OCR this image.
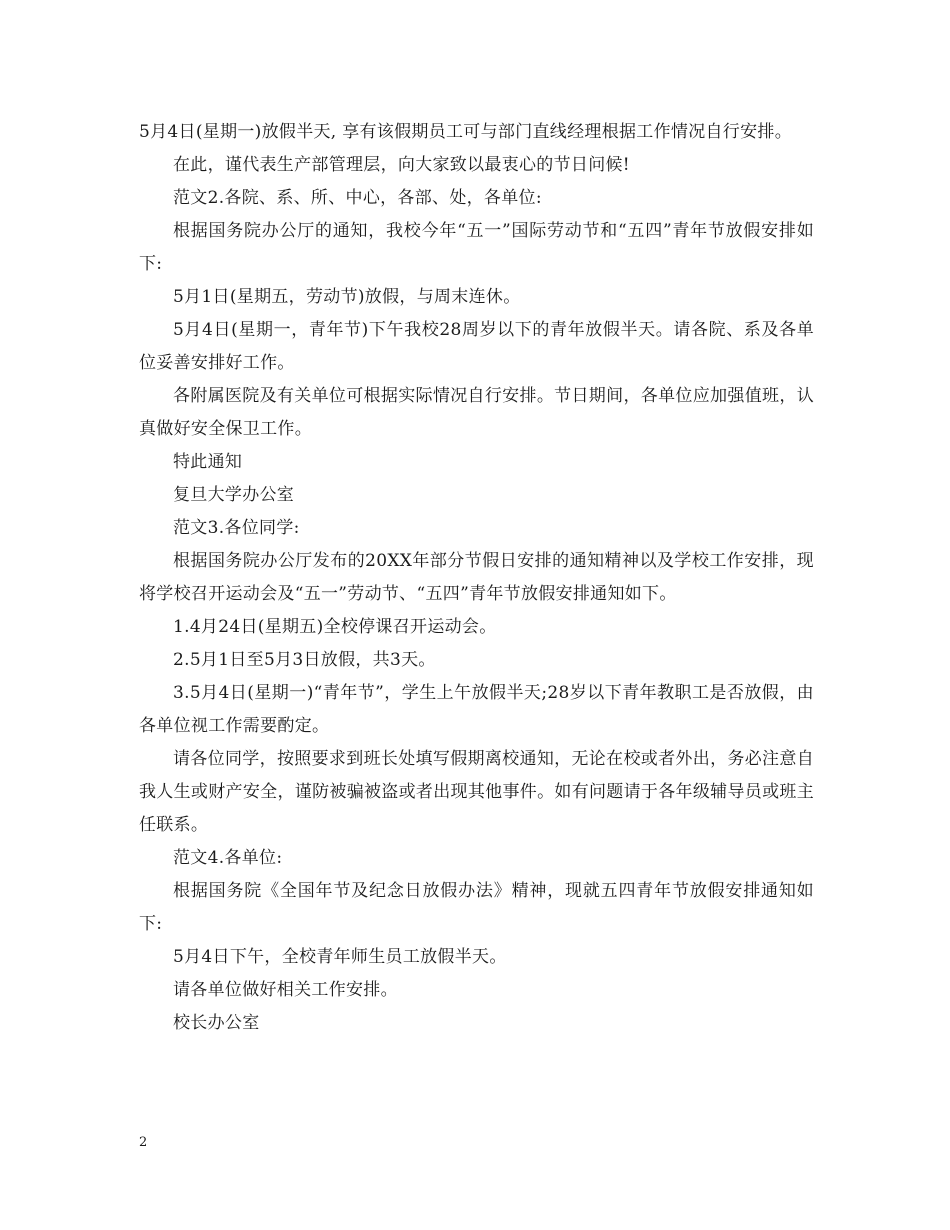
5月4日(星期一)放假半天, 享有该假期员工可与部门直线经理根据工作情况自行安排。

在此，谨代表生产部管理层，向大家致以最衷心的节日问候!

范文2.各院、系、所、中心，各部、处，各单位:

根据国务院办公厅的通知，我校今年“五一”国际劳动节和“五四”青年节放假安排如下:

5月1日(星期五，劳动节)放假，与周末连休。

5月4日(星期一，青年节)下午我校28周岁以下的青年放假半天。请各院、系及各单位妥善安排好工作。

各附属医院及有关单位可根据实际情况自行安排。节日期间，各单位应加强值班，认真做好安全保卫工作。

特此通知

复旦大学办公室

范文3.各位同学:

根据国务院办公厅发布的20XX年部分节假日安排的通知精神以及学校工作安排，现将学校召开运动会及“五一”劳动节、“五四”青年节放假安排通知如下。

1.4月24日(星期五)全校停课召开运动会。

2.5月1日至5月3日放假，共3天。

3.5月4日(星期一)“青年节”，学生上午放假半天;28岁以下青年教职工是否放假，由各单位视工作需要酌定。

请各位同学，按照要求到班长处填写假期离校通知，无论在校或者外出，务必注意自我人生或财产安全，谨防被骗被盗或者出现其他事件。如有问题请于各年级辅导员或班主任联系。

范文4.各单位:

根据国务院《全国年节及纪念日放假办法》精神，现就五四青年节放假安排通知如下:

5月4日下午，全校青年师生员工放假半天。

请各单位做好相关工作安排。

校长办公室

2
